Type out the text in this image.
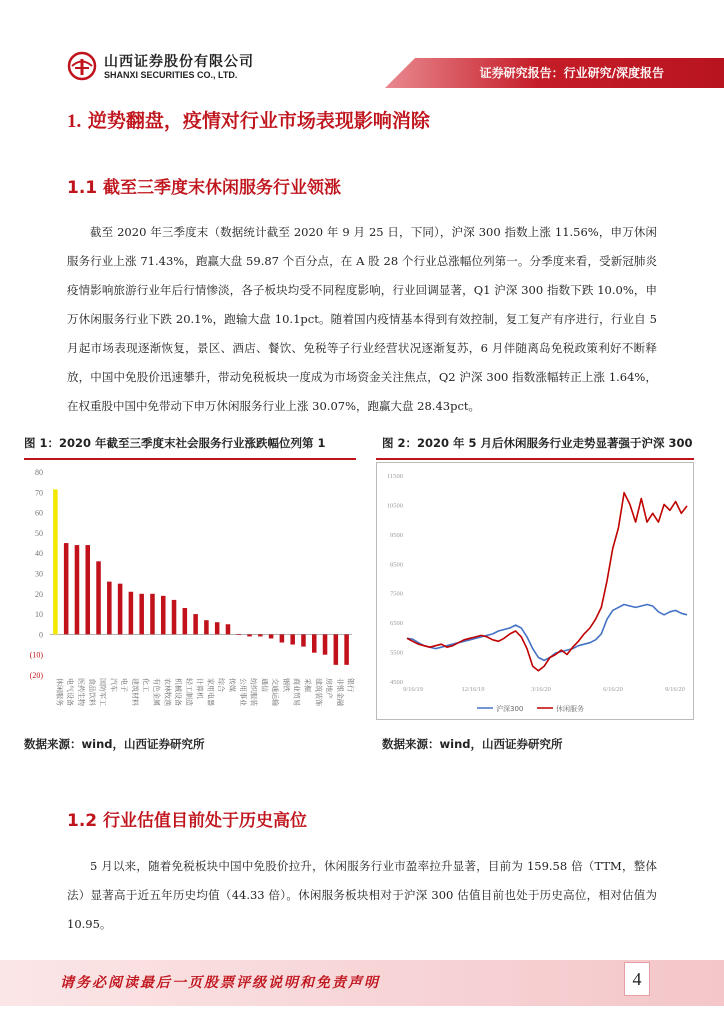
山西证券股份有限公司
SHANXI SECURITIES CO., LTD.	证券研究报告：行业研究/深度报告
1. 逆势翻盘，疫情对行业市场表现影响消除
1.1 截至三季度末休闲服务行业领涨

截至 2020 年三季度末（数据统计截至 2020 年 9 月 25 日，下同），沪深 300 指数上涨 11.56%，申万休闲服务行业上涨 71.43%，跑赢大盘 59.87 个百分点，在 A 股 28 个行业总涨幅位列第一。分季度来看，受新冠肺炎疫情影响旅游行业年后行情惨淡，各子板块均受不同程度影响，行业回调显著，Q1 沪深 300 指数下跌 10.0%，申万休闲服务行业下跌 20.1%，跑输大盘 10.1pct。随着国内疫情基本得到有效控制，复工复产有序进行，行业自 5 月起市场表现逐渐恢复，景区、酒店、餐饮、免税等子行业经营状况逐渐复苏，6 月伴随离岛免税政策利好不断释放，中国中免股价迅速攀升，带动免税板块一度成为市场资金关注焦点，Q2 沪深 300 指数涨幅转正上涨 1.64%，在权重股中国中免带动下申万休闲服务行业上涨 30.07%，跑赢大盘 28.43pct。

图 1：2020 年截至三季度末社会服务行业涨跌幅位列第 1	图 2：2020 年 5 月后休闲服务行业走势显著强于沪深 300
80
70
60
50
40
30
20
10
0
(10)
(20)
休闲服务 电气设备 医药生物 食品饮料 国防军工 汽车 电子 建筑材料 化工 有色金属 农林牧渔 机械设备 轻工制造 计算机 家用电器 综合 传媒 公用事业 纺织服装 通信 交通运输 钢铁 商业贸易 采掘 建筑装饰 房地产 非银金融 银行
11500
10500
9500
8500
7500
6500
5500
4500
9/16/19	12/16/19	3/16/20	6/16/20	9/16/20
沪深300	休闲服务
数据来源：wind，山西证券研究所	数据来源：wind，山西证券研究所
1.2 行业估值目前处于历史高位

5 月以来，随着免税板块中国中免股价拉升，休闲服务行业市盈率拉升显著，目前为 159.58 倍（TTM，整体法）显著高于近五年历史均值（44.33 倍）。休闲服务板块相对于沪深 300 估值目前也处于历史高位，相对估值为 10.95。

请务必阅读最后一页股票评级说明和免责声明	4
